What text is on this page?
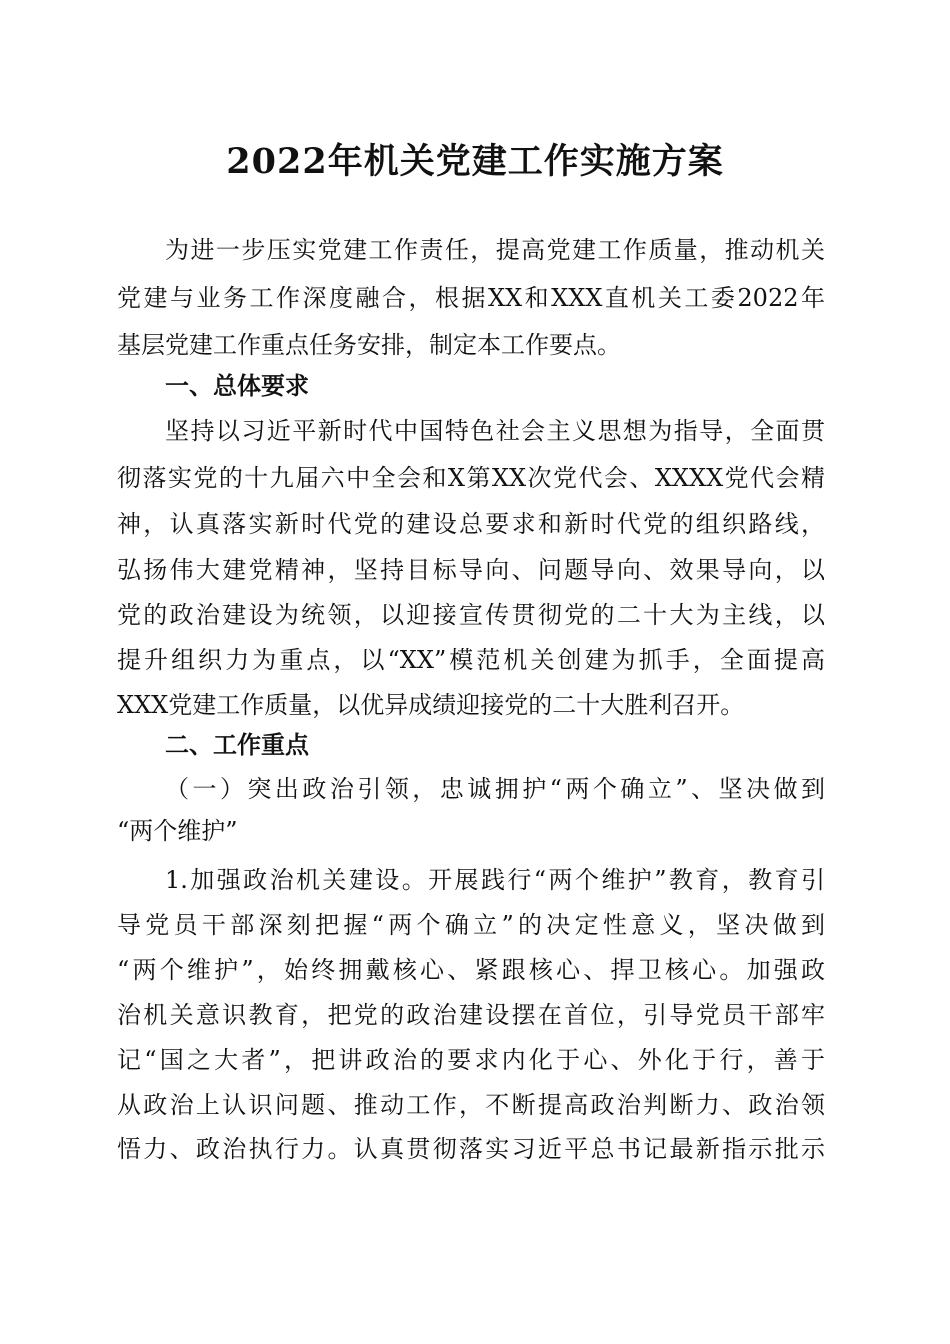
2022年机关党建工作实施方案

为进一步压实党建工作责任，提高党建工作质量，推动机关

党建与业务工作深度融合，根据XX和XXX直机关工委2022年

基层党建工作重点任务安排，制定本工作要点。

一、总体要求

坚持以习近平新时代中国特色社会主义思想为指导，全面贯

彻落实党的十九届六中全会和X第XX次党代会、XXXX党代会精

神，认真落实新时代党的建设总要求和新时代党的组织路线，

弘扬伟大建党精神，坚持目标导向、问题导向、效果导向，以

党的政治建设为统领，以迎接宣传贯彻党的二十大为主线，以

提升组织力为重点，以“XX”模范机关创建为抓手，全面提高

XXX党建工作质量，以优异成绩迎接党的二十大胜利召开。

二、工作重点

（一）突出政治引领，忠诚拥护“两个确立”、坚决做到

“两个维护”

1.加强政治机关建设。开展践行“两个维护”教育，教育引

导党员干部深刻把握“两个确立”的决定性意义，坚决做到

“两个维护”，始终拥戴核心、紧跟核心、捍卫核心。加强政

治机关意识教育，把党的政治建设摆在首位，引导党员干部牢

记“国之大者”，把讲政治的要求内化于心、外化于行，善于

从政治上认识问题、推动工作，不断提高政治判断力、政治领

悟力、政治执行力。认真贯彻落实习近平总书记最新指示批示
